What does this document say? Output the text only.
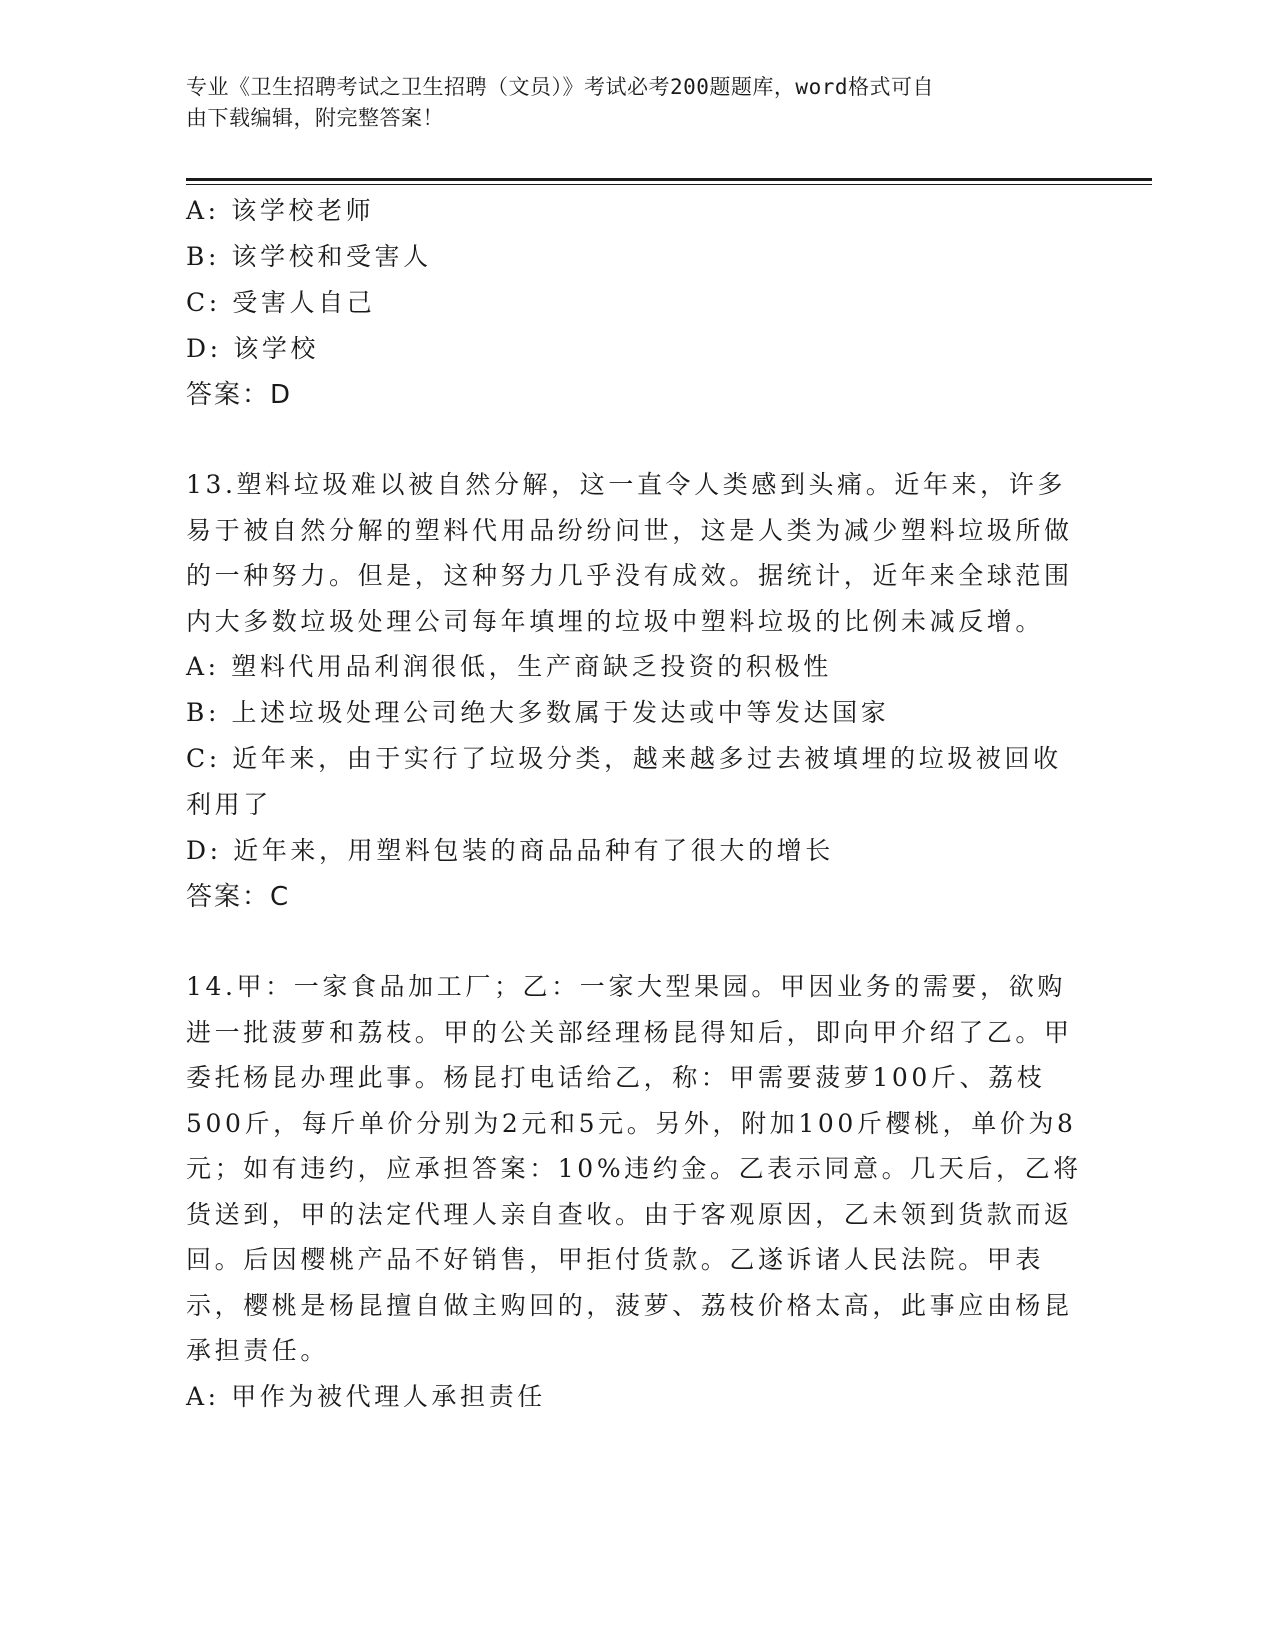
专业《卫生招聘考试之卫生招聘（文员）》考试必考200题题库，word格式可自
由下载编辑，附完整答案！
A: 该学校老师
B: 该学校和受害人
C: 受害人自己
D: 该学校
答案：D
13.塑料垃圾难以被自然分解，这一直令人类感到头痛。近年来，许多易于被自然分解的塑料代用品纷纷问世，这是人类为减少塑料垃圾所做的一种努力。但是，这种努力几乎没有成效。据统计，近年来全球范围内大多数垃圾处理公司每年填埋的垃圾中塑料垃圾的比例未减反增。
A: 塑料代用品利润很低，生产商缺乏投资的积极性
B: 上述垃圾处理公司绝大多数属于发达或中等发达国家
C: 近年来，由于实行了垃圾分类，越来越多过去被填埋的垃圾被回收利用了
D: 近年来，用塑料包装的商品品种有了很大的增长
答案：C
14.甲：一家食品加工厂；乙：一家大型果园。甲因业务的需要，欲购进一批菠萝和荔枝。甲的公关部经理杨昆得知后，即向甲介绍了乙。甲委托杨昆办理此事。杨昆打电话给乙，称：甲需要菠萝100斤、荔枝500斤，每斤单价分别为2元和5元。另外，附加100斤樱桃，单价为8元；如有违约，应承担答案：10%违约金。乙表示同意。几天后，乙将货送到，甲的法定代理人亲自查收。由于客观原因，乙未领到货款而返回。后因樱桃产品不好销售，甲拒付货款。乙遂诉诸人民法院。甲表示，樱桃是杨昆擅自做主购回的，菠萝、荔枝价格太高，此事应由杨昆承担责任。
A: 甲作为被代理人承担责任
